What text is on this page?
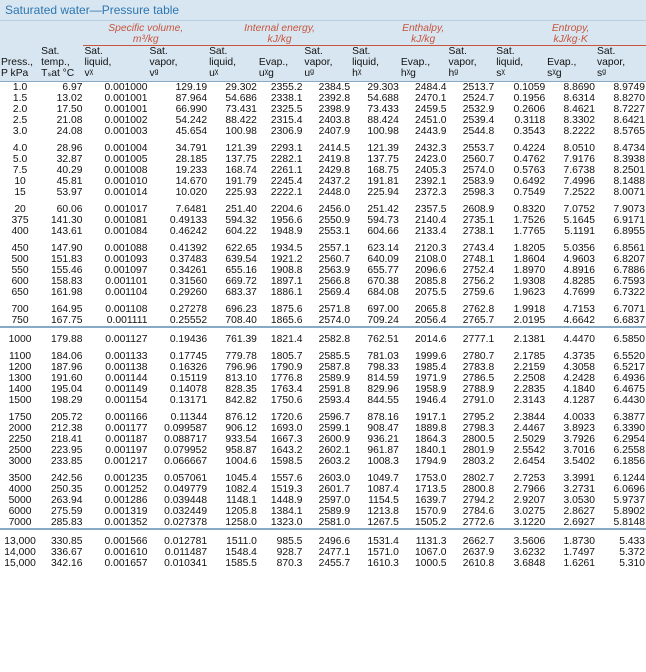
Saturated water—Pressure table
		Specific volume,
m³/kg		Internal energy,
kJ/kg			Enthalpy,
kJ/kg			Entropy,
kJ/kg·K		
	Sat.	Sat.	Sat.	Sat.		Sat.	Sat.		Sat.	Sat.		Sat.
Press.,	temp.,	liquid,	vapor,	liquid,	Evap.,	vapor,	liquid,	Evap.,	vapor,	liquid,	Evap.,	vapor,
P kPa	Tₛat °C	vᵡ	vᵍ	uᵡ	uᵡg	uᵍ	hᵡ	hᵡg	hᵍ	sᵡ	sᵡg	sᵍ
1.0	6.97	0.001000	129.19	29.302	2355.2	2384.5	29.303	2484.4	2513.7	0.1059	8.8690	8.9749
1.5	13.02	0.001001	87.964	54.686	2338.1	2392.8	54.688	2470.1	2524.7	0.1956	8.6314	8.8270
2.0	17.50	0.001001	66.990	73.431	2325.5	2398.9	73.433	2459.5	2532.9	0.2606	8.4621	8.7227
2.5	21.08	0.001002	54.242	88.422	2315.4	2403.8	88.424	2451.0	2539.4	0.3118	8.3302	8.6421
3.0	24.08	0.001003	45.654	100.98	2306.9	2407.9	100.98	2443.9	2544.8	0.3543	8.2222	8.5765

4.0	28.96	0.001004	34.791	121.39	2293.1	2414.5	121.39	2432.3	2553.7	0.4224	8.0510	8.4734
5.0	32.87	0.001005	28.185	137.75	2282.1	2419.8	137.75	2423.0	2560.7	0.4762	7.9176	8.3938
7.5	40.29	0.001008	19.233	168.74	2261.1	2429.8	168.75	2405.3	2574.0	0.5763	7.6738	8.2501
10	45.81	0.001010	14.670	191.79	2245.4	2437.2	191.81	2392.1	2583.9	0.6492	7.4996	8.1488
15	53.97	0.001014	10.020	225.93	2222.1	2448.0	225.94	2372.3	2598.3	0.7549	7.2522	8.0071

20	60.06	0.001017	7.6481	251.40	2204.6	2456.0	251.42	2357.5	2608.9	0.8320	7.0752	7.9073
375	141.30	0.001081	0.49133	594.32	1956.6	2550.9	594.73	2140.4	2735.1	1.7526	5.1645	6.9171
400	143.61	0.001084	0.46242	604.22	1948.9	2553.1	604.66	2133.4	2738.1	1.7765	5.1191	6.8955

450	147.90	0.001088	0.41392	622.65	1934.5	2557.1	623.14	2120.3	2743.4	1.8205	5.0356	6.8561
500	151.83	0.001093	0.37483	639.54	1921.2	2560.7	640.09	2108.0	2748.1	1.8604	4.9603	6.8207
550	155.46	0.001097	0.34261	655.16	1908.8	2563.9	655.77	2096.6	2752.4	1.8970	4.8916	6.7886
600	158.83	0.001101	0.31560	669.72	1897.1	2566.8	670.38	2085.8	2756.2	1.9308	4.8285	6.7593
650	161.98	0.001104	0.29260	683.37	1886.1	2569.4	684.08	2075.5	2759.6	1.9623	4.7699	6.7322

700	164.95	0.001108	0.27278	696.23	1875.6	2571.8	697.00	2065.8	2762.8	1.9918	4.7153	6.7071
750	167.75	0.001111	0.25552	708.40	1865.6	2574.0	709.24	2056.4	2765.7	2.0195	4.6642	6.6837

1000	179.88	0.001127	0.19436	761.39	1821.4	2582.8	762.51	2014.6	2777.1	2.1381	4.4470	6.5850

1100	184.06	0.001133	0.17745	779.78	1805.7	2585.5	781.03	1999.6	2780.7	2.1785	4.3735	6.5520
1200	187.96	0.001138	0.16326	796.96	1790.9	2587.8	798.33	1985.4	2783.8	2.2159	4.3058	6.5217
1300	191.60	0.001144	0.15119	813.10	1776.8	2589.9	814.59	1971.9	2786.5	2.2508	4.2428	6.4936
1400	195.04	0.001149	0.14078	828.35	1763.4	2591.8	829.96	1958.9	2788.9	2.2835	4.1840	6.4675
1500	198.29	0.001154	0.13171	842.82	1750.6	2593.4	844.55	1946.4	2791.0	2.3143	4.1287	6.4430

1750	205.72	0.001166	0.11344	876.12	1720.6	2596.7	878.16	1917.1	2795.2	2.3844	4.0033	6.3877
2000	212.38	0.001177	0.099587	906.12	1693.0	2599.1	908.47	1889.8	2798.3	2.4467	3.8923	6.3390
2250	218.41	0.001187	0.088717	933.54	1667.3	2600.9	936.21	1864.3	2800.5	2.5029	3.7926	6.2954
2500	223.95	0.001197	0.079952	958.87	1643.2	2602.1	961.87	1840.1	2801.9	2.5542	3.7016	6.2558
3000	233.85	0.001217	0.066667	1004.6	1598.5	2603.2	1008.3	1794.9	2803.2	2.6454	3.5402	6.1856

3500	242.56	0.001235	0.057061	1045.4	1557.6	2603.0	1049.7	1753.0	2802.7	2.7253	3.3991	6.1244
4000	250.35	0.001252	0.049779	1082.4	1519.3	2601.7	1087.4	1713.5	2800.8	2.7966	3.2731	6.0696
5000	263.94	0.001286	0.039448	1148.1	1448.9	2597.0	1154.5	1639.7	2794.2	2.9207	3.0530	5.9737
6000	275.59	0.001319	0.032449	1205.8	1384.1	2589.9	1213.8	1570.9	2784.6	3.0275	2.8627	5.8902
7000	285.83	0.001352	0.027378	1258.0	1323.0	2581.0	1267.5	1505.2	2772.6	3.1220	2.6927	5.8148

13,000	330.85	0.001566	0.012781	1511.0	985.5	2496.6	1531.4	1131.3	2662.7	3.5606	1.8730	5.433
14,000	336.67	0.001610	0.011487	1548.4	928.7	2477.1	1571.0	1067.0	2637.9	3.6232	1.7497	5.372
15,000	342.16	0.001657	0.010341	1585.5	870.3	2455.7	1610.3	1000.5	2610.8	3.6848	1.6261	5.310
